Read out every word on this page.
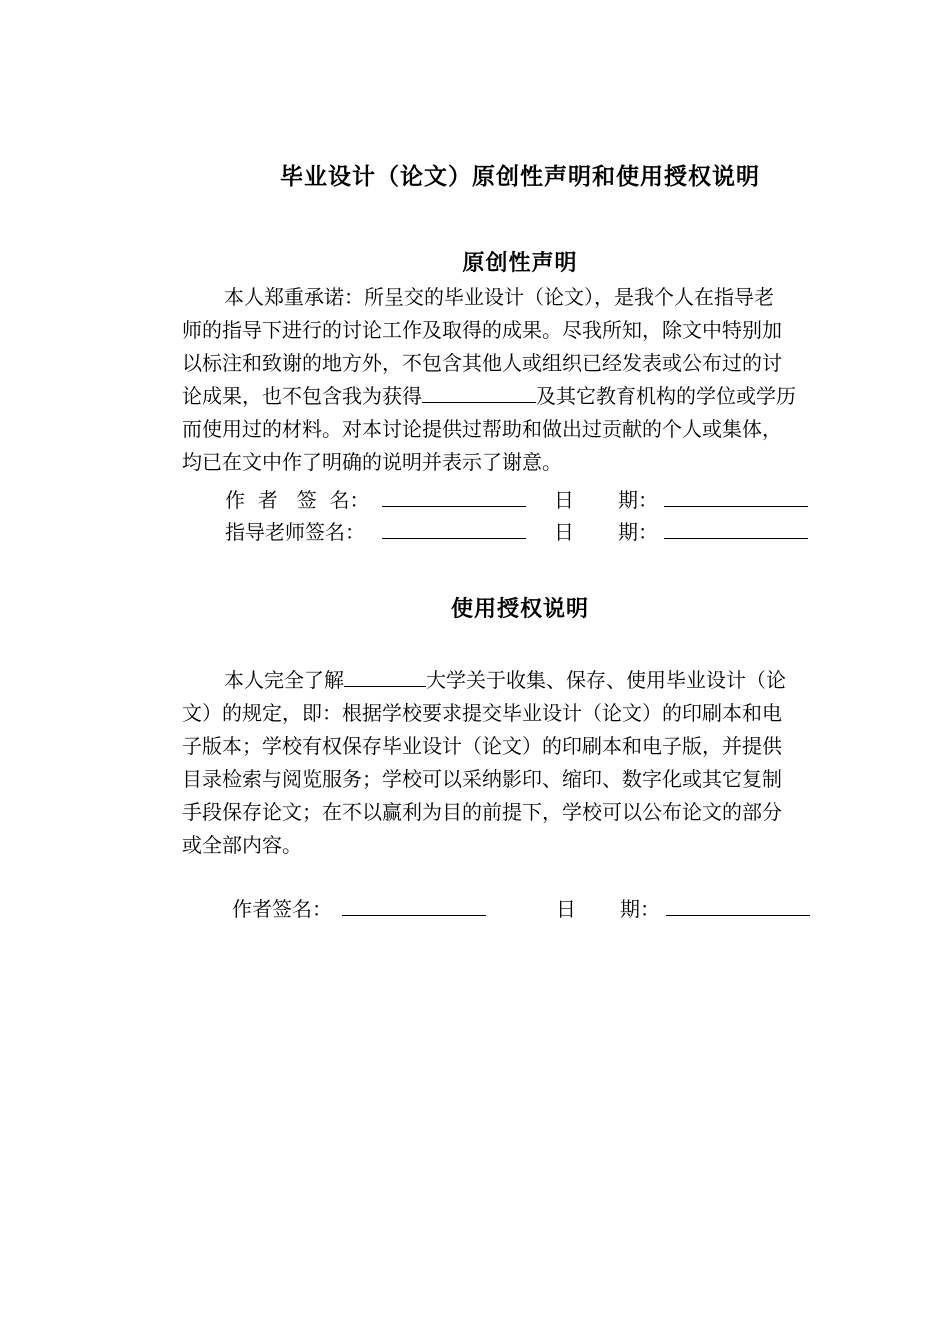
毕业设计（论文）原创性声明和使用授权说明
原创性声明
本人郑重承诺：所呈交的毕业设计（论文），是我个人在指导老
师的指导下进行的讨论工作及取得的成果。尽我所知，除文中特别加
以标注和致谢的地方外，不包含其他人或组织已经发表或公布过的讨
论成果，也不包含我为获得	及其它教育机构的学位或学历
而使用过的材料。对本讨论提供过帮助和做出过贡献的个人或集体，
均已在文中作了明确的说明并表示了谢意。
作  者   签  名：	日 期：
指导老师签名：	日 期：
使用授权说明
本人完全了解	大学关于收集、保存、使用毕业设计（论
文）的规定，即：根据学校要求提交毕业设计（论文）的印刷本和电
子版本；学校有权保存毕业设计（论文）的印刷本和电子版，并提供
目录检索与阅览服务；学校可以采纳影印、缩印、数字化或其它复制
手段保存论文；在不以赢利为目的前提下，学校可以公布论文的部分
或全部内容。
作者签名：	日 期：
